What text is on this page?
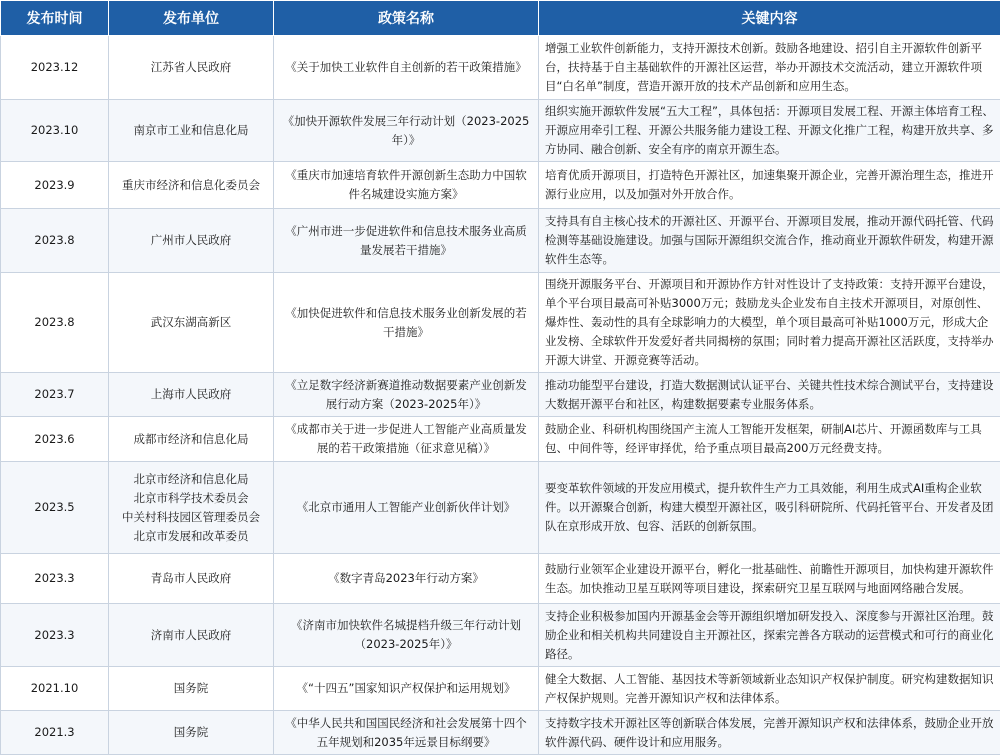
发布时间	发布单位	政策名称	关键内容
2023.12	江苏省人民政府	《关于加快工业软件自主创新的若干政策措施》	增强工业软件创新能力，支持开源技术创新。鼓励各地建设、招引自主开源软件创新平台，扶持基于自主基础软件的开源社区运营，举办开源技术交流活动，建立开源软件项目“白名单”制度，营造开源开放的技术产品创新和应用生态。
2023.10	南京市工业和信息化局	《加快开源软件发展三年行动计划（2023-2025年）》	组织实施开源软件发展“五大工程”，具体包括：开源项目发展工程、开源主体培育工程、开源应用牵引工程、开源公共服务能力建设工程、开源文化推广工程，构建开放共享、多方协同、融合创新、安全有序的南京开源生态。
2023.9	重庆市经济和信息化委员会	《重庆市加速培育软件开源创新生态助力中国软件名城建设实施方案》	培育优质开源项目，打造特色开源社区，加速集聚开源企业，完善开源治理生态，推进开源行业应用，以及加强对外开放合作。
2023.8	广州市人民政府	《广州市进一步促进软件和信息技术服务业高质量发展若干措施》	支持具有自主核心技术的开源社区、开源平台、开源项目发展，推动开源代码托管、代码检测等基础设施建设。加强与国际开源组织交流合作，推动商业开源软件研发，构建开源软件生态等。
2023.8	武汉东湖高新区	《加快促进软件和信息技术服务业创新发展的若干措施》	围绕开源服务平台、开源项目和开源协作方针对性设计了支持政策：支持开源平台建设，单个平台项目最高可补贴3000万元；鼓励龙头企业发布自主技术开源项目，对原创性、爆炸性、轰动性的具有全球影响力的大模型，单个项目最高可补贴1000万元，形成大企业发榜、全球软件开发爱好者共同揭榜的氛围；同时着力提高开源社区活跃度，支持举办开源大讲堂、开源竞赛等活动。
2023.7	上海市人民政府	《立足数字经济新赛道推动数据要素产业创新发展行动方案（2023-2025年）》	推动功能型平台建设，打造大数据测试认证平台、关键共性技术综合测试平台，支持建设大数据开源平台和社区，构建数据要素专业服务体系。
2023.6	成都市经济和信息化局	《成都市关于进一步促进人工智能产业高质量发展的若干政策措施（征求意见稿）》	鼓励企业、科研机构围绕国产主流人工智能开发框架，研制AI芯片、开源函数库与工具包、中间件等，经评审择优，给予重点项目最高200万元经费支持。
2023.5	北京市经济和信息化局
北京市科学技术委员会
中关村科技园区管理委员会
北京市发展和改革委员	《北京市通用人工智能产业创新伙伴计划》	要变革软件领域的开发应用模式，提升软件生产力工具效能，利用生成式AI重构企业软件。以开源聚合创新，构建大模型开源社区，吸引科研院所、代码托管平台、开发者及团队在京形成开放、包容、活跃的创新氛围。
2023.3	青岛市人民政府	《数字青岛2023年行动方案》	鼓励行业领军企业建设开源平台，孵化一批基础性、前瞻性开源项目，加快构建开源软件生态。加快推动卫星互联网等项目建设，探索研究卫星互联网与地面网络融合发展。
2023.3	济南市人民政府	《济南市加快软件名城提档升级三年行动计划（2023-2025年）》	支持企业积极参加国内开源基金会等开源组织增加研发投入、深度参与开源社区治理。鼓励企业和相关机构共同建设自主开源社区，探索完善各方联动的运营模式和可行的商业化路径。
2021.10	国务院	《“十四五”国家知识产权保护和运用规划》	健全大数据、人工智能、基因技术等新领域新业态知识产权保护制度。研究构建数据知识产权保护规则。完善开源知识产权和法律体系。
2021.3	国务院	《中华人民共和国国民经济和社会发展第十四个五年规划和2035年远景目标纲要》	支持数字技术开源社区等创新联合体发展，完善开源知识产权和法律体系，鼓励企业开放软件源代码、硬件设计和应用服务。
